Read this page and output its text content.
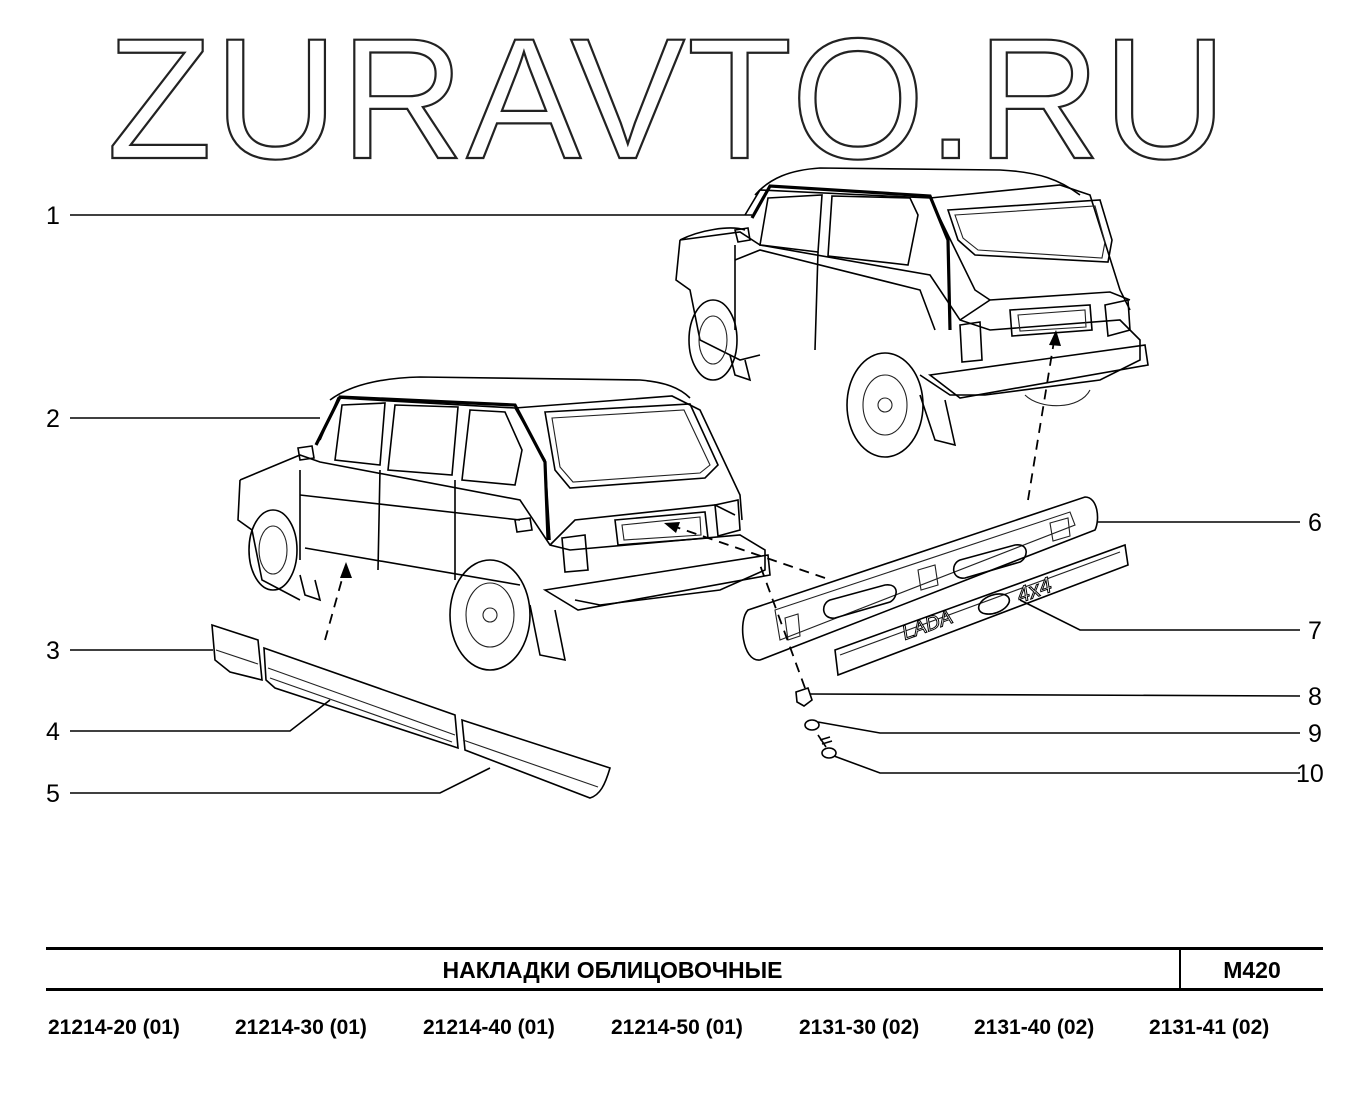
ZURAVTO.RU
LADA
4x4
1
2
3
4
5
6
7
8
9
10
НАКЛАДКИ ОБЛИЦОВОЧНЫЕ	M420
21214-20 (01)	21214-30 (01)	21214-40 (01)	21214-50 (01)	2131-30 (02)	2131-40 (02)	2131-41 (02)
